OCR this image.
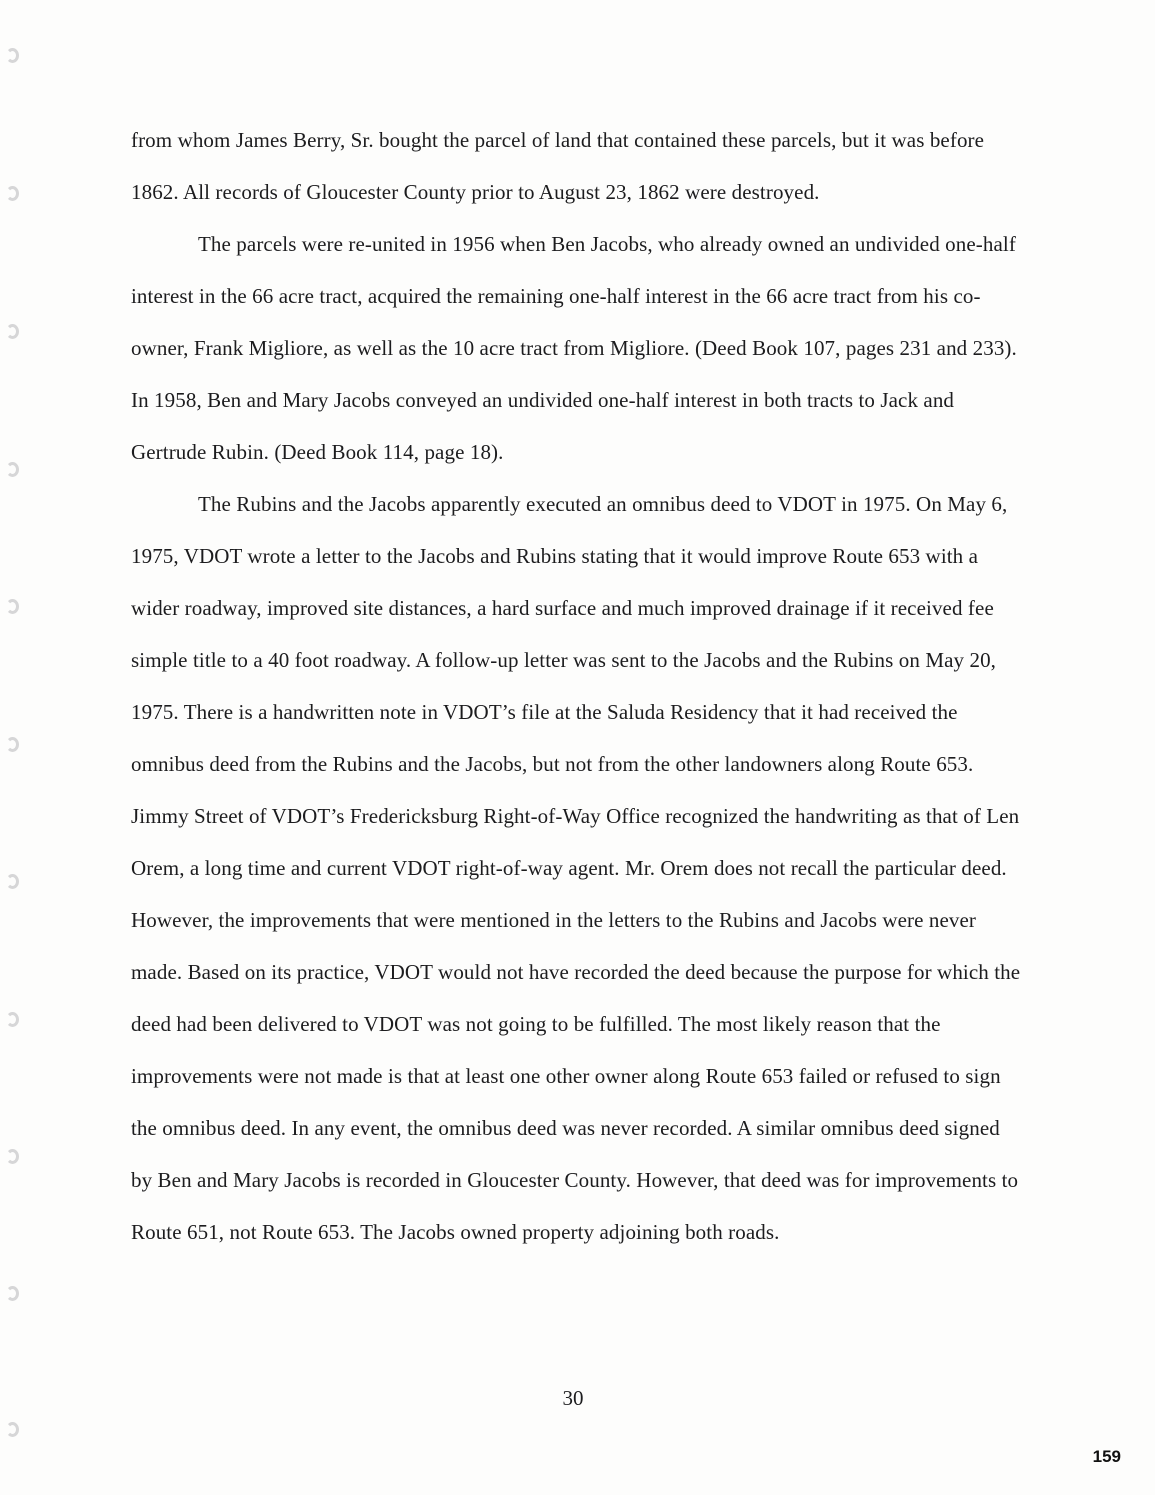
from whom James Berry, Sr. bought the parcel of land that contained these parcels, but it was before 1862. All records of Gloucester County prior to August 23, 1862 were destroyed.

The parcels were re-united in 1956 when Ben Jacobs, who already owned an undivided one-half interest in the 66 acre tract, acquired the remaining one-half interest in the 66 acre tract from his co-owner, Frank Migliore, as well as the 10 acre tract from Migliore. (Deed Book 107, pages 231 and 233). In 1958, Ben and Mary Jacobs conveyed an undivided one-half interest in both tracts to Jack and Gertrude Rubin. (Deed Book 114, page 18).

The Rubins and the Jacobs apparently executed an omnibus deed to VDOT in 1975. On May 6, 1975, VDOT wrote a letter to the Jacobs and Rubins stating that it would improve Route 653 with a wider roadway, improved site distances, a hard surface and much improved drainage if it received fee simple title to a 40 foot roadway. A follow-up letter was sent to the Jacobs and the Rubins on May 20, 1975. There is a handwritten note in VDOT’s file at the Saluda Residency that it had received the omnibus deed from the Rubins and the Jacobs, but not from the other landowners along Route 653. Jimmy Street of VDOT’s Fredericksburg Right-of-Way Office recognized the handwriting as that of Len Orem, a long time and current VDOT right-of-way agent. Mr. Orem does not recall the particular deed. However, the improvements that were mentioned in the letters to the Rubins and Jacobs were never made. Based on its practice, VDOT would not have recorded the deed because the purpose for which the deed had been delivered to VDOT was not going to be fulfilled. The most likely reason that the improvements were not made is that at least one other owner along Route 653 failed or refused to sign the omnibus deed. In any event, the omnibus deed was never recorded. A similar omnibus deed signed by Ben and Mary Jacobs is recorded in Gloucester County. However, that deed was for improvements to Route 651, not Route 653. The Jacobs owned property adjoining both roads.

30
159
